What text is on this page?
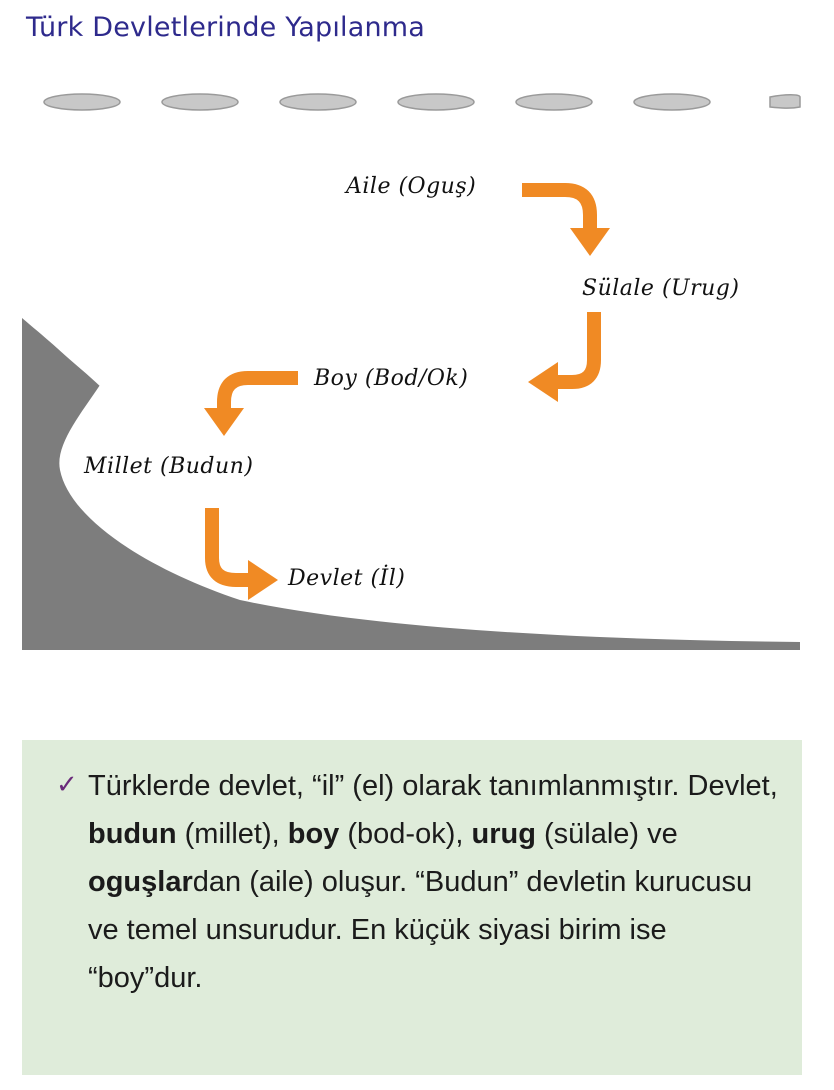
Türk Devletlerinde Yapılanma
Aile (Oguş)
Sülale (Urug)
Boy (Bod/Ok)
Millet (Budun)
Devlet (İl)
✓ Türklerde devlet, “il” (el) olarak tanımlanmıştır. Devlet, budun (millet), boy (bod-ok), urug (sülale) ve oguşlardan (aile) oluşur. “Budun” devletin kurucusu ve temel unsurudur. En küçük siyasi birim ise “boy”dur.
